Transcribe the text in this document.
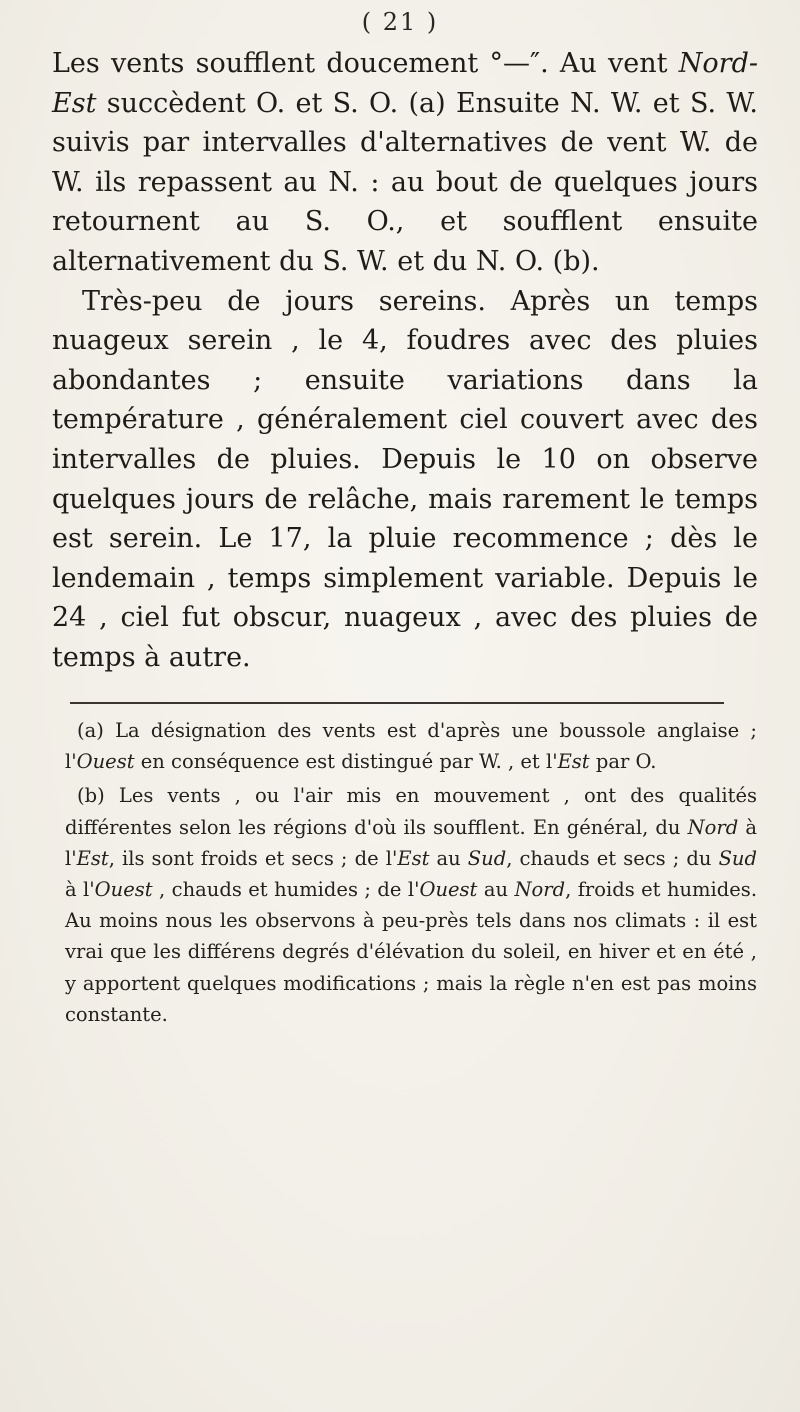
( 21 )

Les vents soufflent doucement °—″. Au vent Nord-Est succèdent O. et S. O. (a) Ensuite N. W. et S. W. suivis par intervalles d'alternatives de vent W. de W. ils repassent au N. : au bout de quelques jours retournent au S. O., et soufflent ensuite alternativement du S. W. et du N. O. (b).

Très-peu de jours sereins. Après un temps nuageux serein , le 4, foudres avec des pluies abondantes ; ensuite variations dans la température , généralement ciel couvert avec des intervalles de pluies. Depuis le 10 on observe quelques jours de relâche, mais rarement le temps est serein. Le 17, la pluie recommence ; dès le lendemain , temps simplement variable. Depuis le 24 , ciel fut obscur, nuageux , avec des pluies de temps à autre.

(a) La désignation des vents est d'après une boussole anglaise ; l'Ouest en conséquence est distingué par W. , et l'Est par O.

(b) Les vents , ou l'air mis en mouvement , ont des qualités différentes selon les régions d'où ils soufflent. En général, du Nord à l'Est, ils sont froids et secs ; de l'Est au Sud, chauds et secs ; du Sud à l'Ouest , chauds et humides ; de l'Ouest au Nord, froids et humides. Au moins nous les observons à peu-près tels dans nos climats : il est vrai que les différens degrés d'élévation du soleil, en hiver et en été , y apportent quelques modifications ; mais la règle n'en est pas moins constante.
